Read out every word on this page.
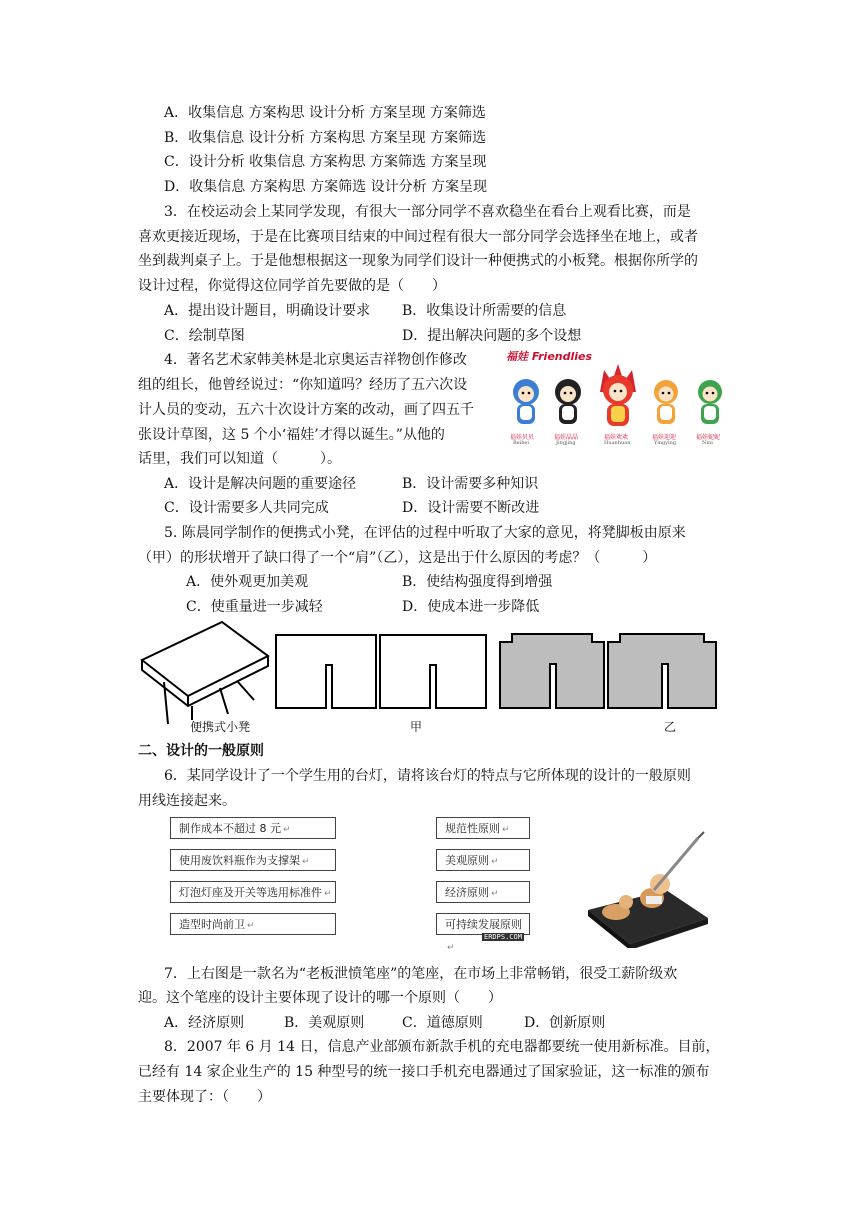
A．收集信息 方案构思 设计分析 方案呈现 方案筛选
B．收集信息 设计分析 方案构思 方案呈现 方案筛选
C．设计分析 收集信息 方案构思 方案筛选 方案呈现
D．收集信息 方案构思 方案筛选 设计分析 方案呈现
3．在校运动会上某同学发现，有很大一部分同学不喜欢稳坐在看台上观看比赛，而是
喜欢更接近现场，于是在比赛项目结束的中间过程有很大一部分同学会选择坐在地上，或者
坐到裁判桌子上。于是他想根据这一现象为同学们设计一种便携式的小板凳。根据你所学的
设计过程，你觉得这位同学首先要做的是（　　）
A．提出设计题目，明确设计要求 B．收集设计所需要的信息
C．绘制草图	D．提出解决问题的多个设想
4．著名艺术家韩美林是北京奥运吉祥物创作修改
组的组长，他曾经说过：“你知道吗？经历了五六次设
计人员的变动，五六十次设计方案的改动，画了四五千
张设计草图，这 5 个小‘福娃’才得以诞生。”从他的
话里，我们可以知道（　　　）。
A．设计是解决问题的重要途径	B．设计需要多种知识
C．设计需要多人共同完成	D．设计需要不断改进
福娃 Friendlies
福娃贝贝	福娃晶晶	福娃欢欢	福娃迎迎	福娃妮妮
Beibei	Jingjing	Huanhuan	Yingying	Nini
5. 陈晨同学制作的便携式小凳，在评估的过程中听取了大家的意见，将凳脚板由原来
（甲）的形状增开了缺口得了一个“肩”（乙），这是出于什么原因的考虑？（　　　）
A．使外观更加美观	B．使结构强度得到增强
C．使重量进一步减轻	D．使成本进一步降低
便携式小凳	甲	乙
二、设计的一般原则
6．某同学设计了一个学生用的台灯，请将该台灯的特点与它所体现的设计的一般原则
用线连接起来。
制作成本不超过 8 元 ↵
使用废饮料瓶作为支撑架 ↵
灯泡灯座及开关等选用标准件 ↵
造型时尚前卫 ↵
规范性原则 ↵
美观原则 ↵
经济原则 ↵
可持续发展原则↵
ERDPS.COM
7．上右图是一款名为“老板泄愤笔座”的笔座，在市场上非常畅销，很受工薪阶级欢
迎。这个笔座的设计主要体现了设计的哪一个原则（　　）
A．经济原则	B．美观原则	C．道德原则	D．创新原则
8．2007 年 6 月 14 日，信息产业部颁布新款手机的充电器都要统一使用新标准。目前，
已经有 14 家企业生产的 15 种型号的统一接口手机充电器通过了国家验证，这一标准的颁布
主要体现了：（　　）
